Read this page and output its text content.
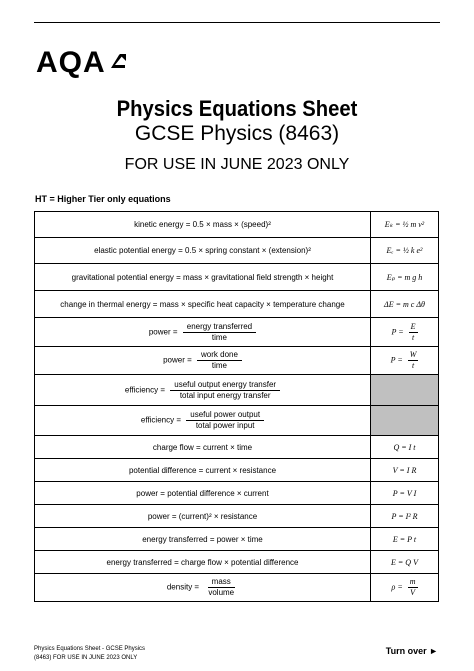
AQA
Physics Equations Sheet
GCSE Physics (8463)
FOR USE IN JUNE 2023 ONLY
HT = Higher Tier only equations
kinetic energy = 0.5 × mass × (speed)²	Eₖ = ½ m v²
elastic potential energy = 0.5 × spring constant × (extension)²	Eₑ = ½ k e²
gravitational potential energy = mass × gravitational field strength × height	Eₚ = m g h
change in thermal energy = mass × specific heat capacity × temperature change	ΔE = m c Δθ
power = $\frac{\text{energy transferred}}{\text{time}}$	$P = \frac{E}{t}$

power = $\frac{\text{work done}}{\text{time}}$	$P = \frac{W}{t}$

efficiency = $\frac{\text{useful output energy transfer}}{\text{total input energy transfer}}$

efficiency = $\frac{\text{useful power output}}{\text{total power input}}$

charge flow = current × time	Q = I t
potential difference = current × resistance	V = I R
power = potential difference × current	P = V I
power = (current)² × resistance	P = I² R
energy transferred = power × time	E = P t
energy transferred = charge flow × potential difference	E = Q V
density = $\frac{\text{mass}}{\text{volume}}$	$\rho = \frac{m}{V}$
Physics Equations Sheet - GCSE Physics
(8463) FOR USE IN JUNE 2023 ONLY
Turn over ►
